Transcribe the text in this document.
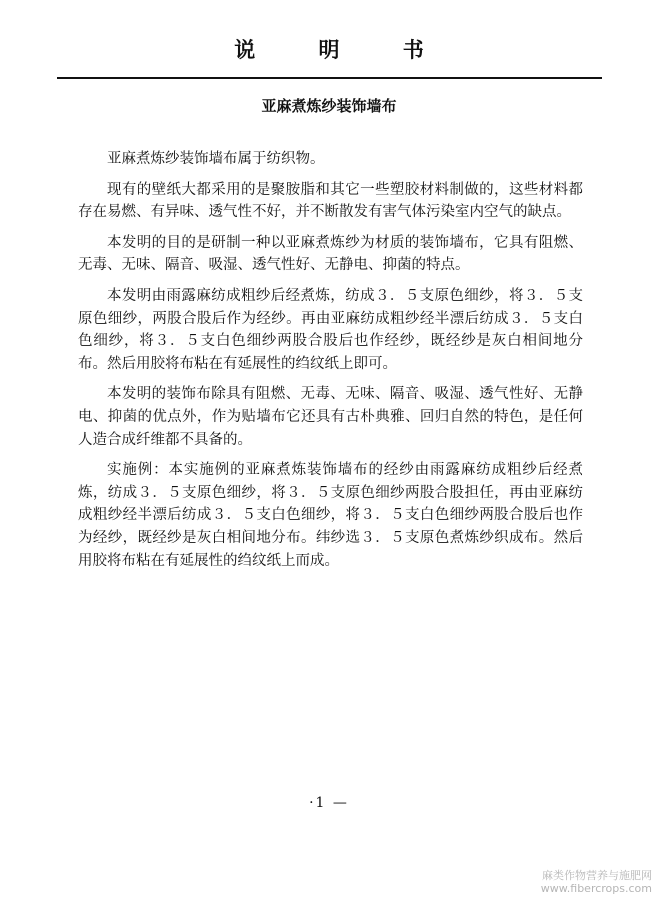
说 明 书
亚麻煮炼纱装饰墙布

亚麻煮炼纱装饰墙布属于纺织物。

现有的壁纸大都采用的是聚胺脂和其它一些塑胶材料制做的，这些材料都存在易燃、有异味、透气性不好，并不断散发有害气体污染室内空气的缺点。

本发明的目的是研制一种以亚麻煮炼纱为材质的装饰墙布，它具有阻燃、无毒、无味、隔音、吸湿、透气性好、无静电、抑菌的特点。

本发明由雨露麻纺成粗纱后经煮炼，纺成３．５支原色细纱，将３．５支原色细纱，两股合股后作为经纱。再由亚麻纺成粗纱经半漂后纺成３．５支白色细纱，将３．５支白色细纱两股合股后也作经纱，既经纱是灰白相间地分布。然后用胶将布粘在有延展性的绉纹纸上即可。

本发明的装饰布除具有阻燃、无毒、无味、隔音、吸湿、透气性好、无静电、抑菌的优点外，作为贴墙布它还具有古朴典雅、回归自然的特色，是任何人造合成纤维都不具备的。

实施例：本实施例的亚麻煮炼装饰墙布的经纱由雨露麻纺成粗纱后经煮炼，纺成３．５支原色细纱，将３．５支原色细纱两股合股担任，再由亚麻纺成粗纱经半漂后纺成３．５支白色细纱，将３．５支白色细纱两股合股后也作为经纱，既经纱是灰白相间地分布。纬纱选３．５支原色煮炼纱织成布。然后用胶将布粘在有延展性的绉纹纸上而成。

·1 —
麻类作物营养与施肥网
www.fibercrops.com
